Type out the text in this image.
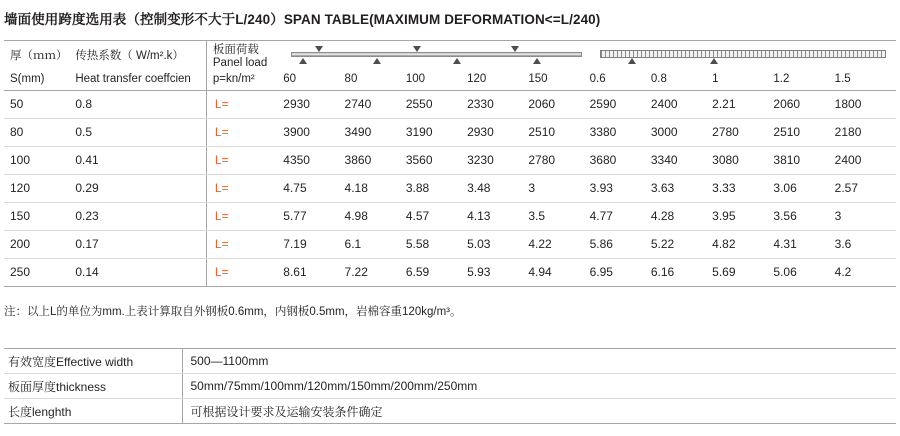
墙面使用跨度选用表（控制变形不大于L/240）SPAN TABLE(MAXIMUM DEFORMATION<=L/240)
厚（ｍｍ）	传热系数（ W/m².k）	板面荷载Panel load									

S(mm)	Heat transfer coeffcien	p=kn/m²	60	80	100	120	150	0.6	0.8	1	1.2	1.5
50	0.8	L=	2930	2740	2550	2330	2060	2590	2400	2.21	2060	1800
80	0.5	L=	3900	3490	3190	2930	2510	3380	3000	2780	2510	2180
100	0.41	L=	4350	3860	3560	3230	2780	3680	3340	3080	3810	2400
120	0.29	L=	4.75	4.18	3.88	3.48	3	3.93	3.63	3.33	3.06	2.57
150	0.23	L=	5.77	4.98	4.57	4.13	3.5	4.77	4.28	3.95	3.56	3
200	0.17	L=	7.19	6.1	5.58	5.03	4.22	5.86	5.22	4.82	4.31	3.6
250	0.14	L=	8.61	7.22	6.59	5.93	4.94	6.95	6.16	5.69	5.06	4.2
注：以上L的单位为mm.上表计算取自外钢板0.6mm，内钢板0.5mm，岩棉容重120kg/m³。
有效宽度Effective width	500—1100mm
板面厚度thickness	50mm/75mm/100mm/120mm/150mm/200mm/250mm
长度lenghth	可根据设计要求及运输安装条件确定
